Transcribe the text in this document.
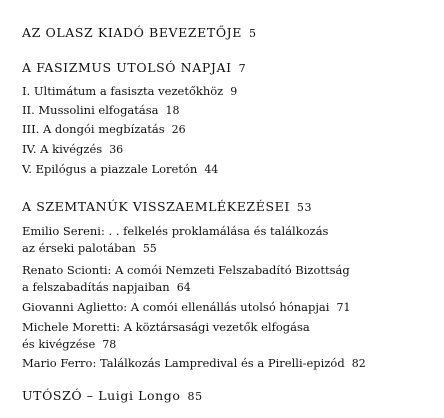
AZ OLASZ KIADÓ BEVEZETŐJE 5
A FASIZMUS UTOLSÓ NAPJAI 7
I. Ultimátum a fasiszta vezetőkhöz 9
II. Mussolini elfogatása 18
III. A dongói megbízatás 26
IV. A kivégzés 36
V. Epilógus a piazzale Loretón 44
A SZEMTANÚK VISSZAEMLÉKEZÉSEI 53
Emilio Sereni: . . felkelés proklamálása és találkozás
az érseki palotában 55
Renato Scionti: A comói Nemzeti Felszabadító Bizottság
a felszabadítás napjaiban 64
Giovanni Aglietto: A comói ellenállás utolsó hónapjai 71
Michele Moretti: A köztársasági vezetők elfogása
és kivégzése 78
Mario Ferro: Találkozás Lampredival és a Pirelli-epizód 82
UTÓSZÓ – Luigi Longo 85
